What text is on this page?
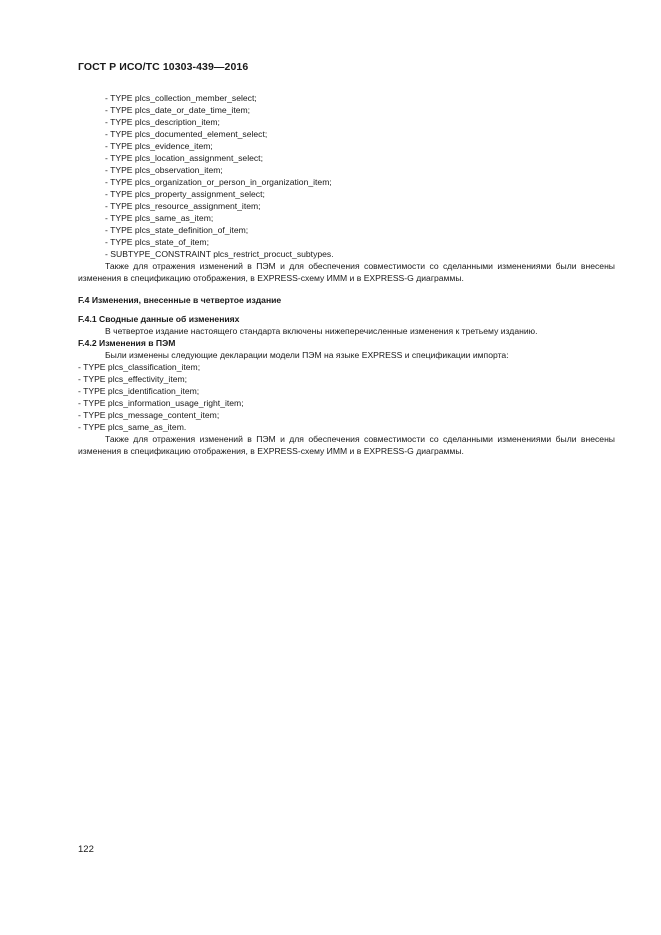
ГОСТ Р ИСО/ТС 10303-439—2016
- TYPE plcs_collection_member_select;
- TYPE plcs_date_or_date_time_item;
- TYPE plcs_description_item;
- TYPE plcs_documented_element_select;
- TYPE plcs_evidence_item;
- TYPE plcs_location_assignment_select;
- TYPE plcs_observation_item;
- TYPE plcs_organization_or_person_in_organization_item;
- TYPE plcs_property_assignment_select;
- TYPE plcs_resource_assignment_item;
- TYPE plcs_same_as_item;
- TYPE plcs_state_definition_of_item;
- TYPE plcs_state_of_item;
- SUBTYPE_CONSTRAINT plcs_restrict_procuct_subtypes.
Также для отражения изменений в ПЭМ и для обеспечения совместимости со сделанными изменениями были внесены изменения в спецификацию отображения, в EXPRESS-схему ИММ и в EXPRESS-G диаграммы.
F.4 Изменения, внесенные в четвертое издание
F.4.1 Сводные данные об изменениях
В четвертое издание настоящего стандарта включены нижеперечисленные изменения к третьему изданию.
F.4.2 Изменения в ПЭМ
Были изменены следующие декларации модели ПЭМ на языке EXPRESS и спецификации импорта:
- TYPE plcs_classification_item;
- TYPE plcs_effectivity_item;
- TYPE plcs_identification_item;
- TYPE plcs_information_usage_right_item;
- TYPE plcs_message_content_item;
- TYPE plcs_same_as_item.
Также для отражения изменений в ПЭМ и для обеспечения совместимости со сделанными изменениями были внесены изменения в спецификацию отображения, в EXPRESS-схему ИММ и в EXPRESS-G диаграммы.
122
